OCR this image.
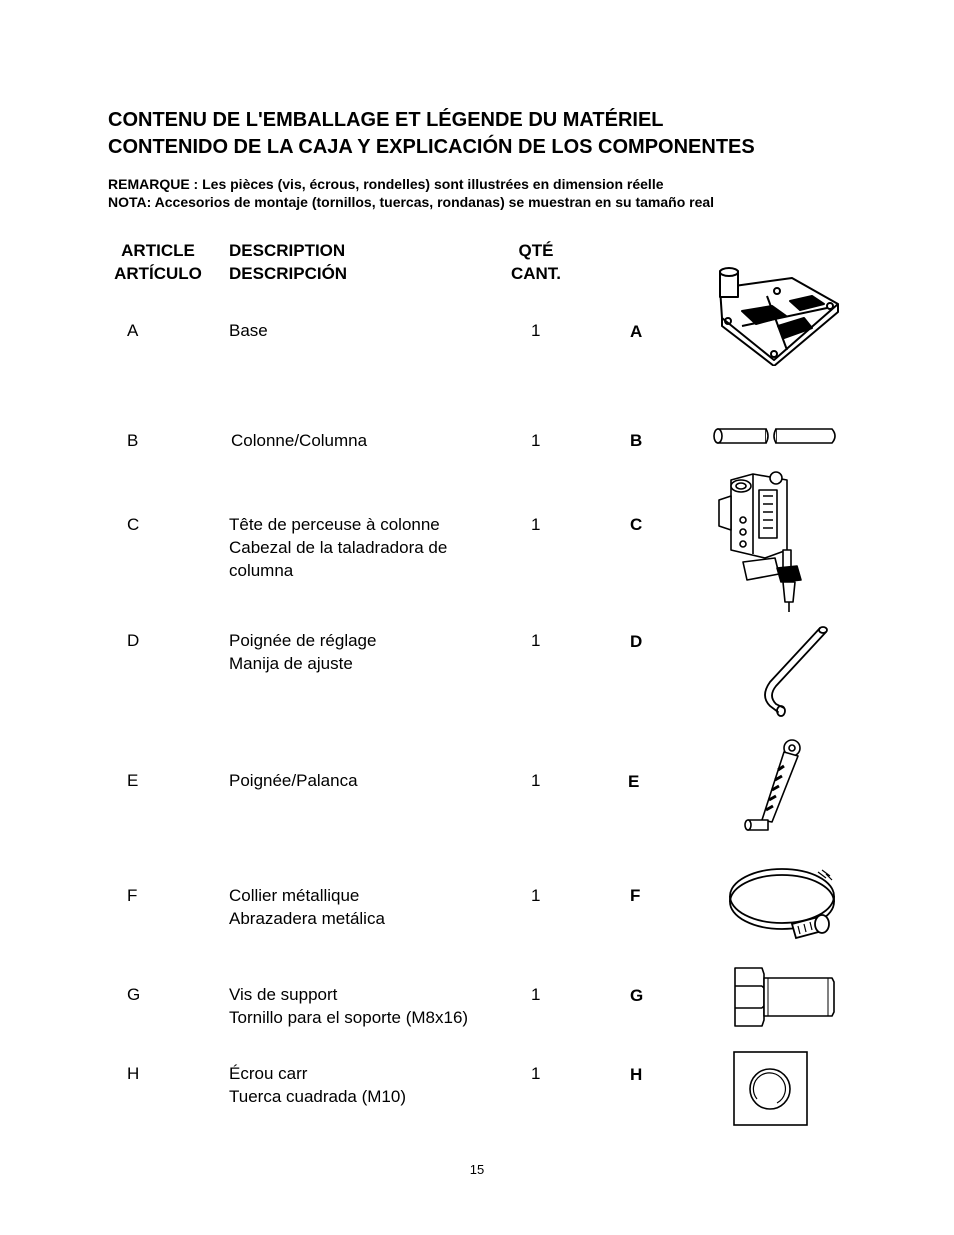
CONTENU DE L'EMBALLAGE ET LÉGENDE DU MATÉRIEL
CONTENIDO DE LA CAJA Y EXPLICACIÓN DE LOS COMPONENTES
REMARQUE : Les pièces (vis, écrous, rondelles) sont illustrées en dimension réelle
NOTA: Accesorios de montaje (tornillos, tuercas, rondanas) se muestran en su tamaño real
ARTICLE
ARTÍCULO
DESCRIPTION
DESCRIPCIÓN
QTÉ
CANT.
A	Base	1	A
B	Colonne/Columna	1	B
C	Tête de perceuse à colonne
Cabezal de la taladradora de
columna
1	C
D	Poignée de réglage
Manija de ajuste
1	D
E	Poignée/Palanca	1	E
F	Collier métallique
Abrazadera metálica
1	F
G	Vis de support
Tornillo para el soporte (M8x16)
1	G
H	Écrou carr
Tuerca cuadrada (M10)
1	H
15
